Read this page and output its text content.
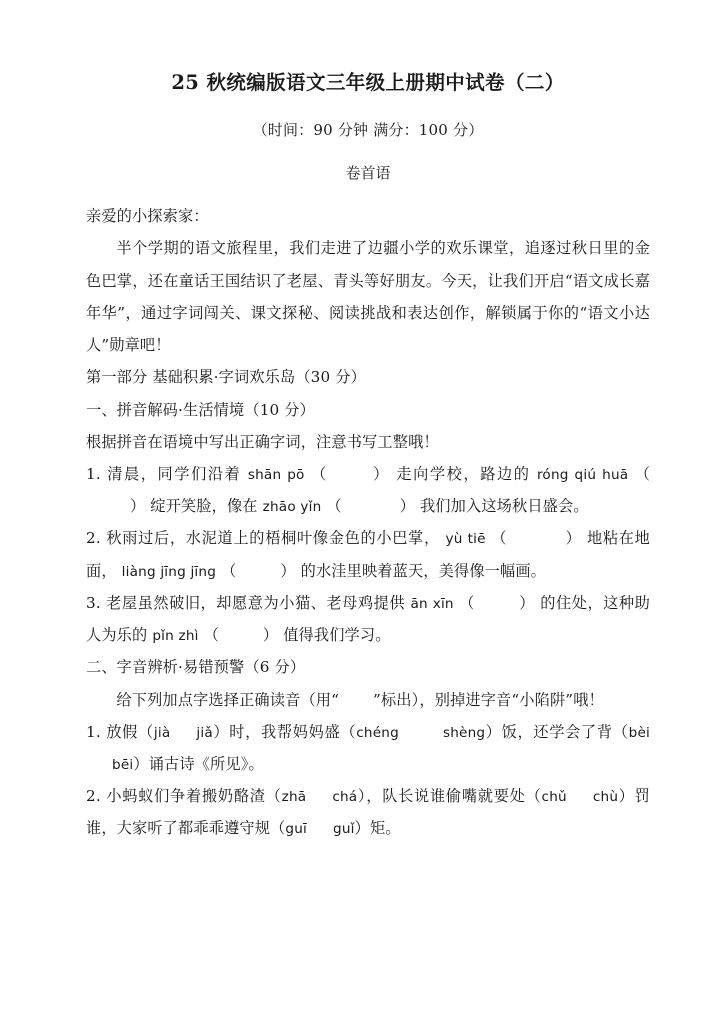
25 秋统编版语文三年级上册期中试卷（二）
（时间：90 分钟 满分：100 分）
卷首语

亲爱的小探索家：

半个学期的语文旅程里，我们走进了边疆小学的欢乐课堂，追逐过秋日里的金色巴掌，还在童话王国结识了老屋、青头等好朋友。今天，让我们开启“语文成长嘉年华”，通过字词闯关、课文探秘、阅读挑战和表达创作，解锁属于你的“语文小达人”勋章吧！

第一部分 基础积累·字词欢乐岛（30 分）

一、拼音解码·生活情境（10 分）

根据拼音在语境中写出正确字词，注意书写工整哦！

1. 清晨，同学们沿着 shān pō （	） 走向学校，路边的 róng qiú huā （） 绽开笑脸，像在 zhāo yǐn （	） 我们加入这场秋日盛会。

2. 秋雨过后，水泥道上的梧桐叶像金色的小巴掌， yù tiē （	） 地粘在地面， liàng jīng jīng （	） 的水洼里映着蓝天，美得像一幅画。

3. 老屋虽然破旧，却愿意为小猫、老母鸡提供 ān xīn （	） 的住处，这种助人为乐的 pǐn zhì （	） 值得我们学习。

二、字音辨析·易错预警（6 分）

给下列加点字选择正确读音（用“ ”标出），别掉进字音“小陷阱”哦！

1. 放假（jià jiǎ）时，我帮妈妈盛（chéng	shèng）饭，还学会了背（bèibēi）诵古诗《所见》。

2. 小蚂蚁们争着搬奶酪渣（zhā chá），队长说谁偷嘴就要处（chǔ chù）罚谁，大家听了都乖乖遵守规（guī guǐ）矩。
